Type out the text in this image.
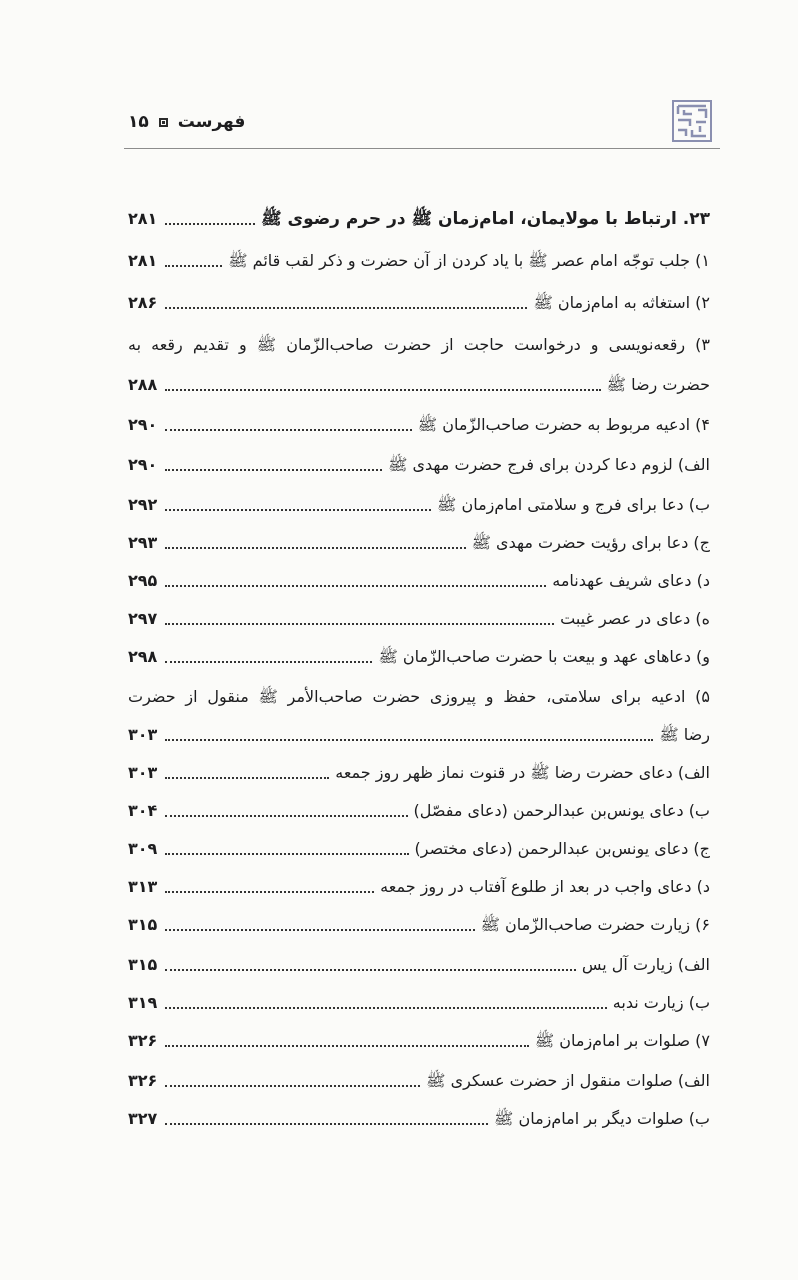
۱۵ فهرست
۲۳. ارتباط با مولایمان، امام‌زمان ﷺ در حرم رضوی ﷺ
۲۸۱
۱) جلب توجّه امام عصر ﷺ با یاد کردن از آن حضرت و ذکر لقب قائم ﷺ
۲۸۱
۲) استغاثه به امام‌زمان ﷺ
۲۸۶
۳) رقعه‌نویسی و درخواست حاجت از حضرت صاحب‌الزّمان ﷺ و تقدیم رقعه به
حضرت رضا ﷺ
۲۸۸
۴) ادعیه مربوط به حضرت صاحب‌الزّمان ﷺ
۲۹۰
الف) لزوم دعا کردن برای فرج حضرت مهدی ﷺ
۲۹۰
ب) دعا برای فرج و سلامتی امام‌زمان ﷺ
۲۹۲
ج) دعا برای رؤیت حضرت مهدی ﷺ
۲۹۳
د) دعای شریف عهدنامه
۲۹۵
ه) دعای در عصر غیبت
۲۹۷
و) دعاهای عهد و بیعت با حضرت صاحب‌الزّمان ﷺ
۲۹۸
۵) ادعیه برای سلامتی، حفظ و پیروزی حضرت صاحب‌الأمر ﷺ منقول از حضرت
رضا ﷺ
۳۰۳
الف) دعای حضرت رضا ﷺ در قنوت نماز ظهر روز جمعه
۳۰۳
ب) دعای یونس‌بن عبدالرحمن (دعای مفصّل)
۳۰۴
ج) دعای یونس‌بن عبدالرحمن (دعای مختصر)
۳۰۹
د) دعای واجب در بعد از طلوع آفتاب در روز جمعه
۳۱۳
۶) زیارت حضرت صاحب‌الزّمان ﷺ
۳۱۵
الف) زیارت آل یس
۳۱۵
ب) زیارت ندبه
۳۱۹
۷) صلوات بر امام‌زمان ﷺ
۳۲۶
الف) صلوات منقول از حضرت عسکری ﷺ
۳۲۶
ب) صلوات دیگر بر امام‌زمان ﷺ
۳۲۷
